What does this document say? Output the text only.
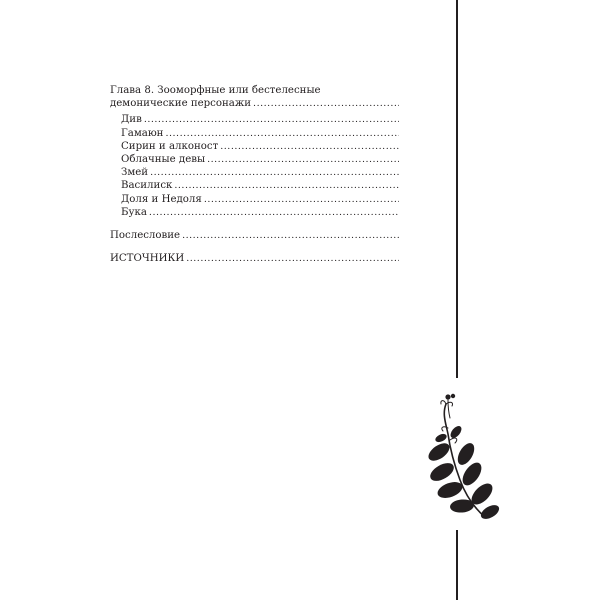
Глава 8. Зооморфные или бестелесные
демонические персонажи
.....
Див
.....
Гамаюн
.....
Сирин и алконост
.....
Облачные девы
.....
Змей
.....
Василиск
.....
Доля и Недоля
.....
Бука
.....
Послесловие
.....
ИСТОЧНИКИ
.....
